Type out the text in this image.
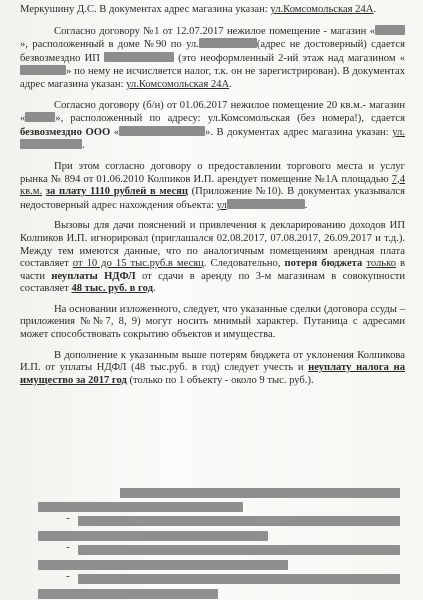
Меркушину Д.С. В документах адрес магазина указан: ул.Комсомольская 24А.

Согласно договору №1 от 12.07.2017 нежилое помещение - магазин «», расположенный в доме №90 по ул.	(адрес не достоверный) сдается безвозмездно ИП	(это неоформленный 2-ий этаж над магазином «» по нему не исчисляется налог, т.к. он не зарегистрирован). В документах адрес магазина указан: ул.Комсомольская 24А.

Согласно договору (б/н) от 01.06.2017 нежилое помещение 20 кв.м.- магазин «	», расположенный по адресу: ул.Комсомольская (без номера!), сдается безвозмездно ООО «	». В документах адрес магазина указан: ул..

При этом согласно договору о предоставлении торгового места и услуг рынка № 894 от 01.06.2010 Колпиков И.П. арендует помещение №1А площадью 7,4 кв.м. за плату 1110 рублей в месяц (Приложение №10). В документах указывался недостоверный адрес нахождения объекта: ул	.

Вызовы для дачи пояснений и привлечения к декларированию доходов ИП Колпиков И.П. игнорировал (приглашался 02.08.2017, 07.08.2017, 26.09.2017 и т.д.). Между тем имеются данные, что по аналогичным помещениям арендная плата составляет от 10 до 15 тыс.руб.в месяц. Следовательно, потеря бюджета только в части неуплаты НДФЛ от сдачи в аренду по 3-м магазинам в совокупности составляет 48 тыс. руб. в год.

На основании изложенного, следует, что указанные сделки (договора ссуды – приложения №№7, 8, 9) могут носить мнимый характер. Путаница с адресами может способствовать сокрытию объектов и имущества.

В дополнение к указанным выше потерям бюджета от уклонения Колпикова И.П. от уплаты НДФЛ (48 тыс.руб. в год) следует учесть и неуплату налога на имущество за 2017 год (только по 1 объекту - около 9 тыс. руб.).

-
-
-
